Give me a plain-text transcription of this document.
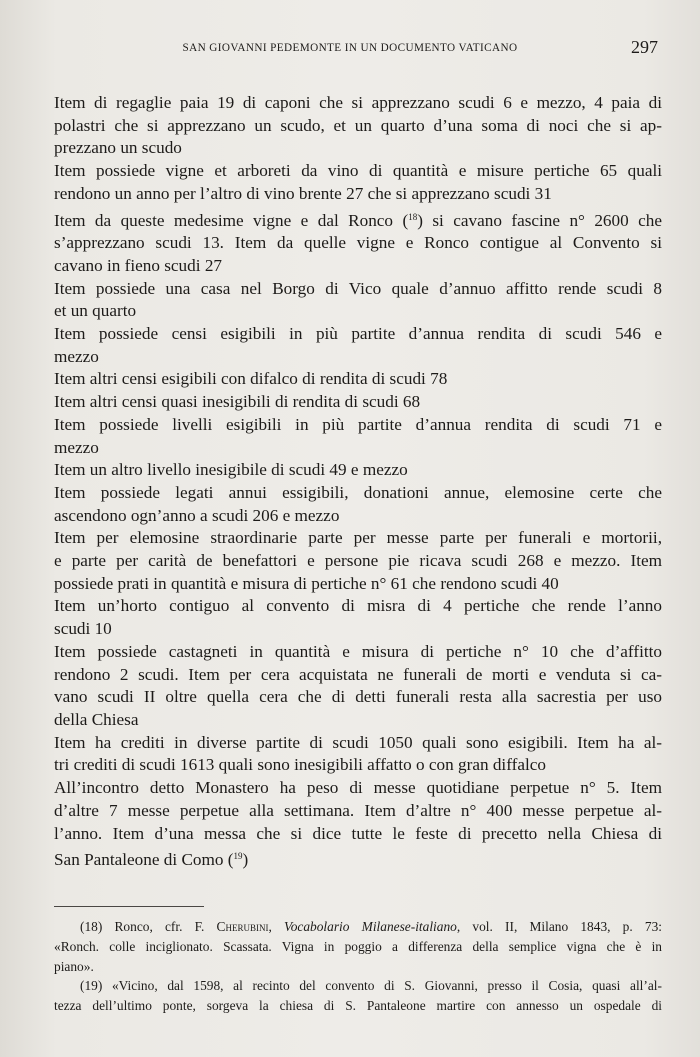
SAN GIOVANNI PEDEMONTE IN UN DOCUMENTO VATICANO	297
Item di regaglie paia 19 di caponi che si apprezzano scudi 6 e mezzo, 4 paia di
polastri che si apprezzano un scudo, et un quarto d’una soma di noci che si ap-
prezzano un scudo
Item possiede vigne et arboreti da vino di quantità e misure pertiche 65 quali
rendono un anno per l’altro di vino brente 27 che si apprezzano scudi 31
Item da queste medesime vigne e dal Ronco ($^{18}$) si cavano fascine n° 2600 che
s’apprezzano scudi 13. Item da quelle vigne e Ronco contigue al Convento si
cavano in fieno scudi 27
Item possiede una casa nel Borgo di Vico quale d’annuo affitto rende scudi 8
et un quarto
Item possiede censi esigibili in più partite d’annua rendita di scudi 546 e
mezzo
Item altri censi esigibili con difalco di rendita di scudi 78
Item altri censi quasi inesigibili di rendita di scudi 68
Item possiede livelli esigibili in più partite d’annua rendita di scudi 71 e
mezzo
Item un altro livello inesigibile di scudi 49 e mezzo
Item possiede legati annui essigibili, donationi annue, elemosine certe che
ascendono ogn’anno a scudi 206 e mezzo
Item per elemosine straordinarie parte per messe parte per funerali e mortorii,
e parte per carità de benefattori e persone pie ricava scudi 268 e mezzo. Item
possiede prati in quantità e misura di pertiche n° 61 che rendono scudi 40
Item un’horto contiguo al convento di misra di 4 pertiche che rende l’anno
scudi 10
Item possiede castagneti in quantità e misura di pertiche n° 10 che d’affitto
rendono 2 scudi. Item per cera acquistata ne funerali de morti e venduta si ca-
vano scudi II oltre quella cera che di detti funerali resta alla sacrestia per uso
della Chiesa
Item ha crediti in diverse partite di scudi 1050 quali sono esigibili. Item ha al-
tri crediti di scudi 1613 quali sono inesigibili affatto o con gran diffalco
All’incontro detto Monastero ha peso di messe quotidiane perpetue n° 5. Item
d’altre 7 messe perpetue alla settimana. Item d’altre n° 400 messe perpetue al-
l’anno. Item d’una messa che si dice tutte le feste di precetto nella Chiesa di
San Pantaleone di Como ($^{19}$)
(18) Ronco, cfr. F. Cherubini, Vocabolario Milanese-italiano, vol. II, Milano 1843, p. 73:
«Ronch. colle inciglionato. Scassata. Vigna in poggio a differenza della semplice vigna che è in
piano».
(19) «Vicino, dal 1598, al recinto del convento di S. Giovanni, presso il Cosia, quasi all’al-
tezza dell’ultimo ponte, sorgeva la chiesa di S. Pantaleone martire con annesso un ospedale di
